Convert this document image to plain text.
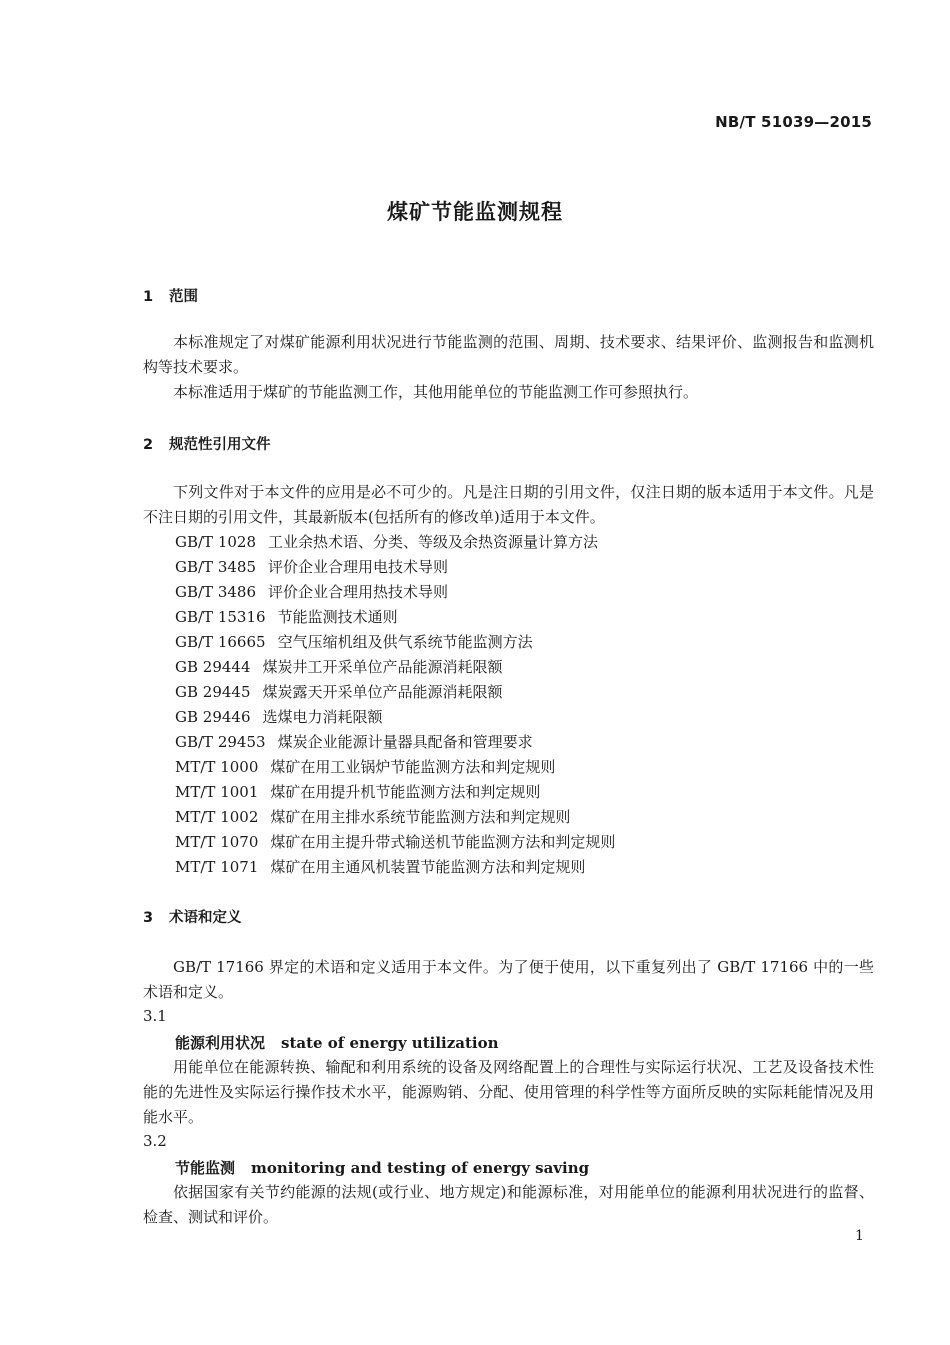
NB/T 51039—2015
煤矿节能监测规程
1 范围
本标准规定了对煤矿能源利用状况进行节能监测的范围、周期、技术要求、结果评价、监测报告和监测机构等技术要求。
本标准适用于煤矿的节能监测工作，其他用能单位的节能监测工作可参照执行。
2 规范性引用文件
下列文件对于本文件的应用是必不可少的。凡是注日期的引用文件，仅注日期的版本适用于本文件。凡是不注日期的引用文件，其最新版本(包括所有的修改单)适用于本文件。
GB/T 1028 工业余热术语、分类、等级及余热资源量计算方法
GB/T 3485 评价企业合理用电技术导则
GB/T 3486 评价企业合理用热技术导则
GB/T 15316 节能监测技术通则
GB/T 16665 空气压缩机组及供气系统节能监测方法
GB 29444 煤炭井工开采单位产品能源消耗限额
GB 29445 煤炭露天开采单位产品能源消耗限额
GB 29446 选煤电力消耗限额
GB/T 29453 煤炭企业能源计量器具配备和管理要求
MT/T 1000 煤矿在用工业锅炉节能监测方法和判定规则
MT/T 1001 煤矿在用提升机节能监测方法和判定规则
MT/T 1002 煤矿在用主排水系统节能监测方法和判定规则
MT/T 1070 煤矿在用主提升带式输送机节能监测方法和判定规则
MT/T 1071 煤矿在用主通风机装置节能监测方法和判定规则
3 术语和定义
GB/T 17166 界定的术语和定义适用于本文件。为了便于使用，以下重复列出了 GB/T 17166 中的一些术语和定义。
3.1
能源利用状况 state of energy utilization
用能单位在能源转换、输配和利用系统的设备及网络配置上的合理性与实际运行状况、工艺及设备技术性能的先进性及实际运行操作技术水平，能源购销、分配、使用管理的科学性等方面所反映的实际耗能情况及用能水平。
3.2
节能监测 monitoring and testing of energy saving
依据国家有关节约能源的法规(或行业、地方规定)和能源标准，对用能单位的能源利用状况进行的监督、检查、测试和评价。
1
